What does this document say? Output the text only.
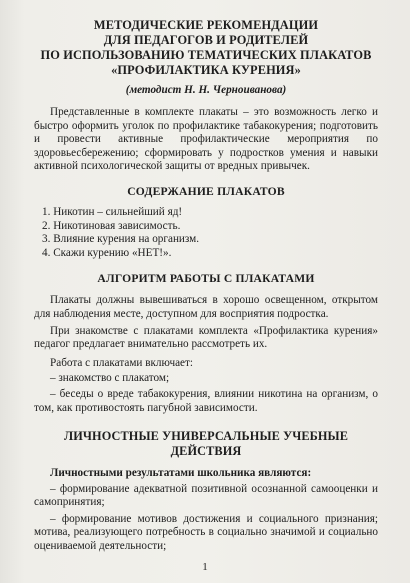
МЕТОДИЧЕСКИЕ РЕКОМЕНДАЦИИ
ДЛЯ ПЕДАГОГОВ И РОДИТЕЛЕЙ
ПО ИСПОЛЬЗОВАНИЮ ТЕМАТИЧЕСКИХ ПЛАКАТОВ
«ПРОФИЛАКТИКА КУРЕНИЯ»
(методист Н. Н. Черноиванова)

Представленные в комплекте плакаты – это возможность легко и быстро оформить уголок по профилактике табакокурения; подготовить и провести активные профилактические мероприятия по здоровьесбережению; сформировать у подростков умения и навыки активной психологической защиты от вредных привычек.

СОДЕРЖАНИЕ ПЛАКАТОВ
1. Никотин – сильнейший яд!
2. Никотиновая зависимость.
3. Влияние курения на организм.
4. Скажи курению «НЕТ!».
АЛГОРИТМ РАБОТЫ С ПЛАКАТАМИ

Плакаты должны вывешиваться в хорошо освещенном, открытом для наблюдения месте, доступном для восприятия подростка.

При знакомстве с плакатами комплекта «Профилактика курения» педагог предлагает внимательно рассмотреть их.

Работа с плакатами включает:

– знакомство с плакатом;

– беседы о вреде табакокурения, влиянии никотина на организм, о том, как противостоять пагубной зависимости.

ЛИЧНОСТНЫЕ УНИВЕРСАЛЬНЫЕ УЧЕБНЫЕ ДЕЙСТВИЯ

Личностными результатами школьника являются:

– формирование адекватной позитивной осознанной самооценки и самопринятия;

– формирование мотивов достижения и социального признания; мотива, реализующего потребность в социально значимой и социально оцениваемой деятельности;

1
